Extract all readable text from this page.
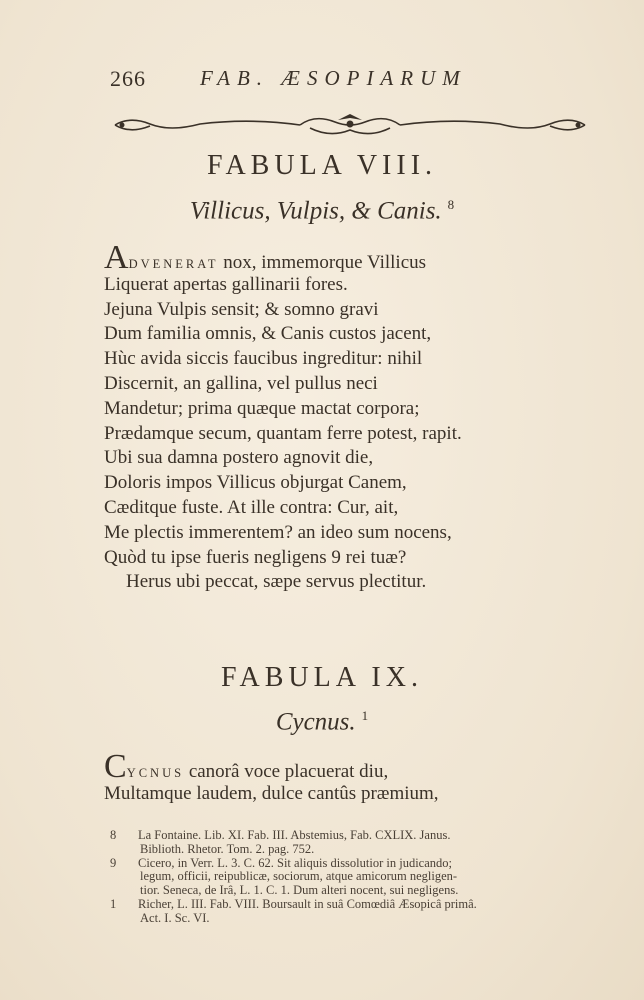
266	FAB. ÆSOPIARUM
FABULA VIII.
Villicus, Vulpis, & Canis. $^8$
ADVENERAT nox, immemorque Villicus
Liquerat apertas gallinarii fores.
Jejuna Vulpis sensit; & somno gravi
Dum familia omnis, & Canis custos jacent,
Hùc avida siccis faucibus ingreditur: nihil
Discernit, an gallina, vel pullus neci
Mandetur; prima quæque mactat corpora;
Prædamque secum, quantam ferre potest, rapit.
Ubi sua damna postero agnovit die,
Doloris impos Villicus objurgat Canem,
Cæditque fuste. At ille contra: Cur, ait,
Me plectis immerentem? an ideo sum nocens,
Quòd tu ipse fueris negligens 9 rei tuæ?
Herus ubi peccat, sæpe servus plectitur.
FABULA IX.
Cycnus. $^1$
CYCNUS canorâ voce placuerat diu,
Multamque laudem, dulce cantûs præmium,
8 La Fontaine. Lib. XI. Fab. III. Abstemius, Fab. CXLIX. Janus.
Biblioth. Rhetor. Tom. 2. pag. 752.
9 Cicero, in Verr. L. 3. C. 62. Sit aliquis dissolutior in judicando;
legum, officii, reipublicæ, sociorum, atque amicorum negligen-
tior. Seneca, de Irâ, L. 1. C. 1. Dum alteri nocent, sui negligens.
1 Richer, L. III. Fab. VIII. Boursault in suâ Comœdiâ Æsopicâ primâ.
Act. I. Sc. VI.
